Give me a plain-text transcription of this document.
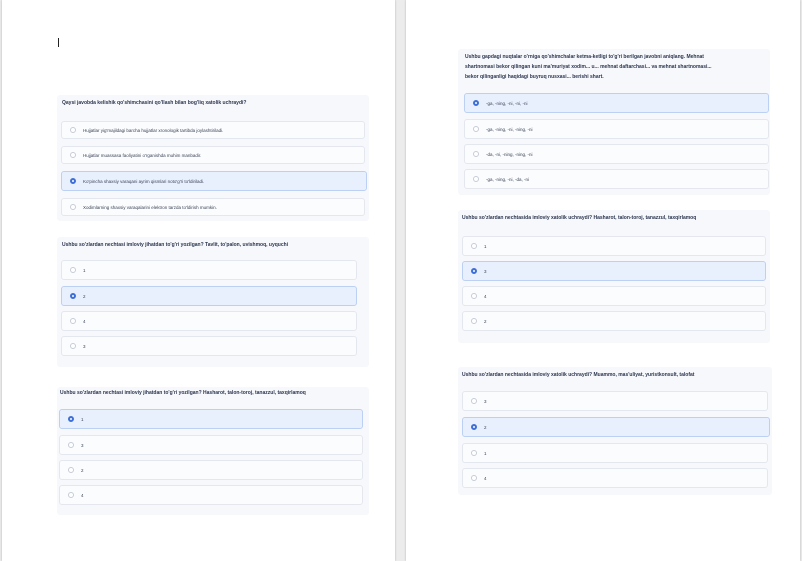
Qaysi javobda kelishik qo'shimchasini qo'llash bilan bog'liq xatolik uchraydi?
Hujjatlar yig'majildagi barcha hujjatlar xronologik tartibda joylashtiriladi.
Hujjatlar muassasa faoliyatini o'rganishda muhim manbadir.
Ko'pincha shaxsiy varaqani ayrim qismlari noto'g'ri to'ldiriladi.
Xodimlarning shaxsiy varaqalarini elektron tarzda to'ldirish mumkin.
Ushbu so'zlardan nechtasi imloviy jihatdan to'g'ri yozilgan? Tavlit, to'palon, uvishmoq, uyquchi
1
2
4
3
Ushbu so'zlardan nechtasi imloviy jihatdan to'g'ri yozilgan? Hasharot, talon-toroj, tanazzul, taxqirlamoq
1
3
2
4
Ushbu gapdagi nuqtalar o'rniga qo'shimchalar ketma-ketligi to'g'ri berilgan javobni aniqlang. Mehnat
shartnomasi bekor qilingan kuni ma'muriyat xodim... u... mehnat daftarchasi... va mehnat shartnomasi...
bekor qilinganligi haqidagi buyruq nusxasi... berishi shart.
-ga, -ning, -ni, -ni, -ni
-ga, -ning, -ni, -ning, -ni
-da, -ni, -ning, -ning, -ni
-ga, -ning, -ni, -da, -ni
Ushbu so'zlardan nechtasida imloviy xatolik uchraydi? Hasharot, talon-toroj, tanazzul, taxqirlamoq
1
3
4
2
Ushbu so'zlardan nechtasida imloviy xatolik uchraydi? Muammo, mas'uliyat, yuristkonsult, talofat
3
2
1
4
